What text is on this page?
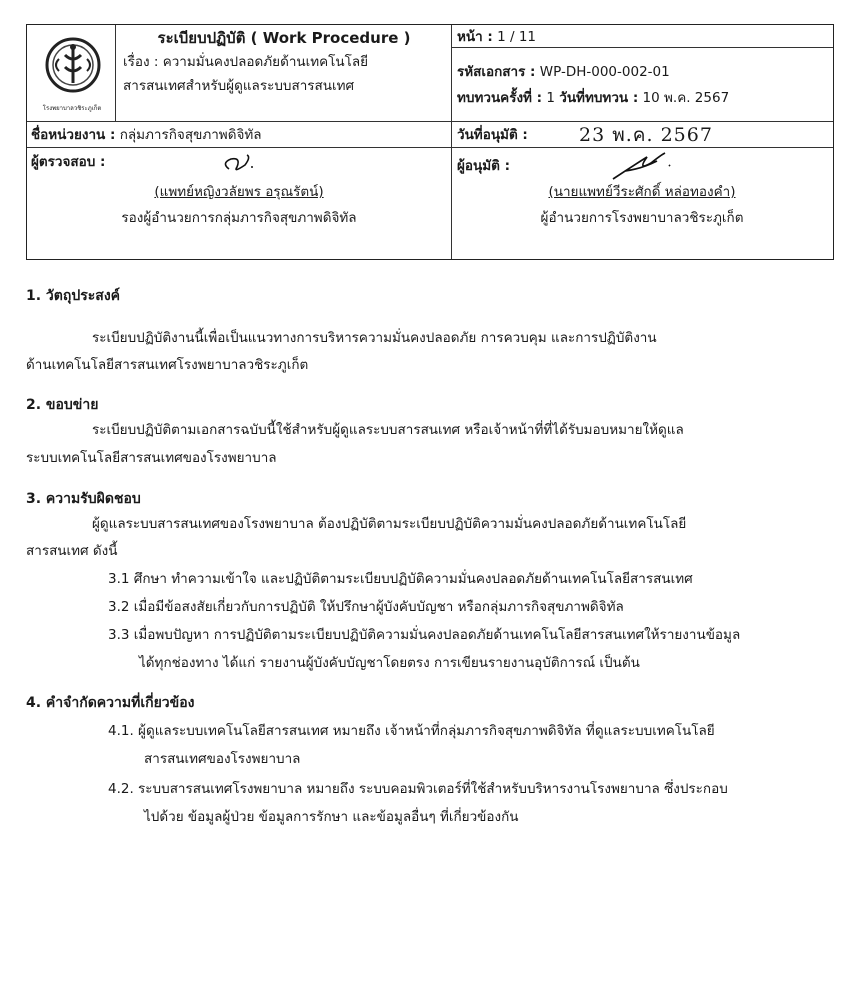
โรงพยาบาลวชิระภูเก็ต
ระเบียบปฏิบัติ ( Work Procedure )
เรื่อง : ความมั่นคงปลอดภัยด้านเทคโนโลยี
สารสนเทศสำหรับผู้ดูแลระบบสารสนเทศ
หน้า : 1 / 11
รหัสเอกสาร : WP-DH-000-002-01
ทบทวนครั้งที่ : 1 วันที่ทบทวน : 10 พ.ค. 2567
ชื่อหน่วยงาน : กลุ่มภารกิจสุขภาพดิจิทัล	วันที่อนุมัติ :	23 พ.ค. 2567
ผู้ตรวจสอบ :
(แพทย์หญิงวลัยพร อรุณรัตน์)
รองผู้อำนวยการกลุ่มภารกิจสุขภาพดิจิทัล
ผู้อนุมัติ :
(นายแพทย์วีระศักดิ์ หล่อทองคำ)
ผู้อำนวยการโรงพยาบาลวชิระภูเก็ต
1. วัตถุประสงค์
ระเบียบปฏิบัติงานนี้เพื่อเป็นแนวทางการบริหารความมั่นคงปลอดภัย การควบคุม และการปฏิบัติงาน
ด้านเทคโนโลยีสารสนเทศโรงพยาบาลวชิระภูเก็ต
2. ขอบข่าย
ระเบียบปฏิบัติตามเอกสารฉบับนี้ใช้สำหรับผู้ดูแลระบบสารสนเทศ หรือเจ้าหน้าที่ที่ได้รับมอบหมายให้ดูแล
ระบบเทคโนโลยีสารสนเทศของโรงพยาบาล
3. ความรับผิดชอบ
ผู้ดูแลระบบสารสนเทศของโรงพยาบาล ต้องปฏิบัติตามระเบียบปฏิบัติความมั่นคงปลอดภัยด้านเทคโนโลยี
สารสนเทศ ดังนี้
3.1 ศึกษา ทำความเข้าใจ และปฏิบัติตามระเบียบปฏิบัติความมั่นคงปลอดภัยด้านเทคโนโลยีสารสนเทศ
3.2 เมื่อมีข้อสงสัยเกี่ยวกับการปฏิบัติ ให้ปรึกษาผู้บังคับบัญชา หรือกลุ่มภารกิจสุขภาพดิจิทัล
3.3 เมื่อพบปัญหา การปฏิบัติตามระเบียบปฏิบัติความมั่นคงปลอดภัยด้านเทคโนโลยีสารสนเทศให้รายงานข้อมูล
ได้ทุกช่องทาง ได้แก่ รายงานผู้บังคับบัญชาโดยตรง การเขียนรายงานอุบัติการณ์ เป็นต้น
4. คำจำกัดความที่เกี่ยวข้อง
4.1. ผู้ดูแลระบบเทคโนโลยีสารสนเทศ หมายถึง เจ้าหน้าที่กลุ่มภารกิจสุขภาพดิจิทัล ที่ดูแลระบบเทคโนโลยี
สารสนเทศของโรงพยาบาล
4.2. ระบบสารสนเทศโรงพยาบาล หมายถึง ระบบคอมพิวเตอร์ที่ใช้สำหรับบริหารงานโรงพยาบาล ซึ่งประกอบ
ไปด้วย ข้อมูลผู้ป่วย ข้อมูลการรักษา และข้อมูลอื่นๆ ที่เกี่ยวข้องกัน
